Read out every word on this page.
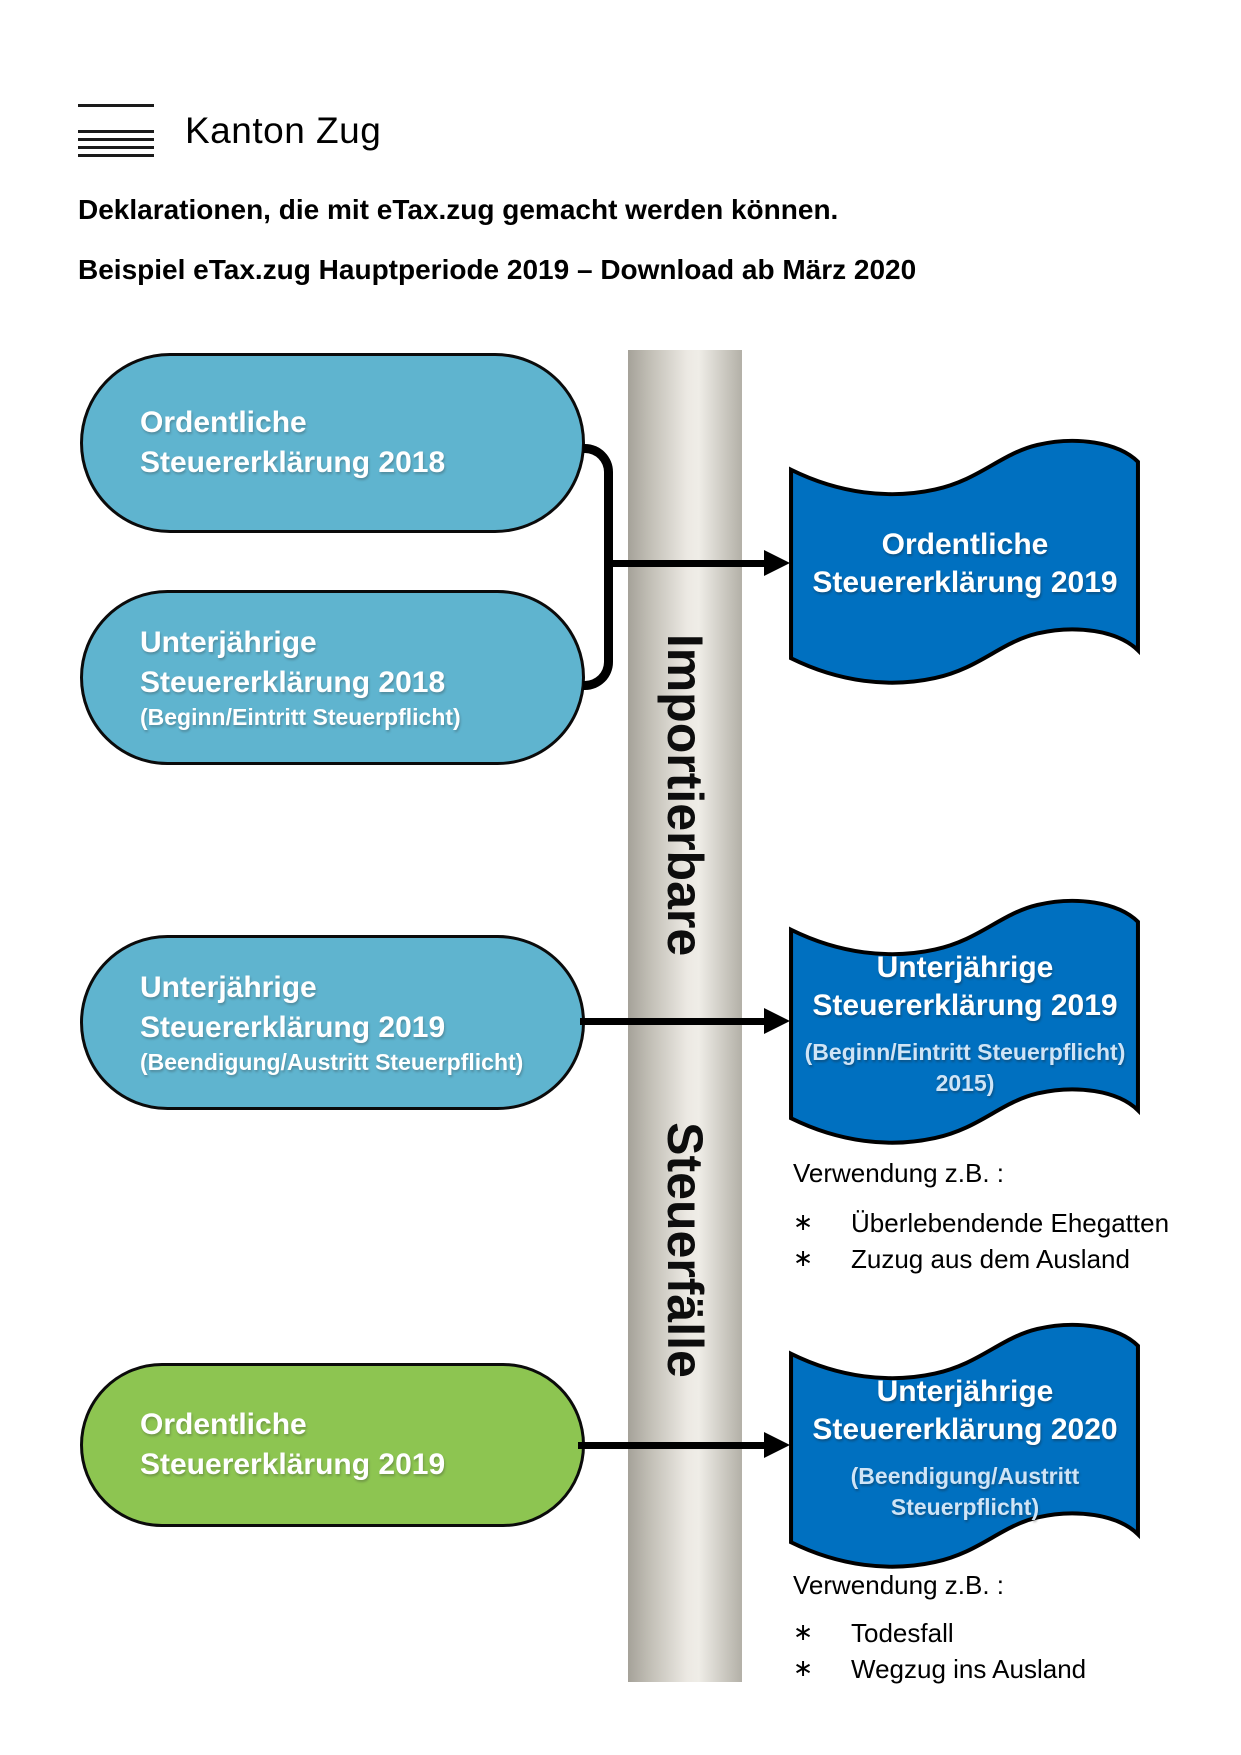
Kanton Zug
Deklarationen, die mit eTax.zug gemacht werden können.
Beispiel eTax.zug Hauptperiode 2019 – Download ab März 2020
Importierbare
Steuerfälle
Ordentliche
Steuererklärung 2018
Unterjährige
Steuererklärung 2018
(Beginn/Eintritt Steuerpflicht)
Unterjährige
Steuererklärung 2019
(Beendigung/Austritt Steuerpflicht)
Ordentliche
Steuererklärung 2019
Ordentliche
Steuererklärung 2019
Unterjährige
Steuererklärung 2019
(Beginn/Eintritt Steuerpflicht)
2015)
Unterjährige
Steuererklärung 2020
(Beendigung/Austritt Steuerpflicht)
Verwendung z.B. :
∗	Überlebendende Ehegatten
∗	Zuzug aus dem Ausland
Verwendung z.B. :
∗	Todesfall
∗	Wegzug ins Ausland
